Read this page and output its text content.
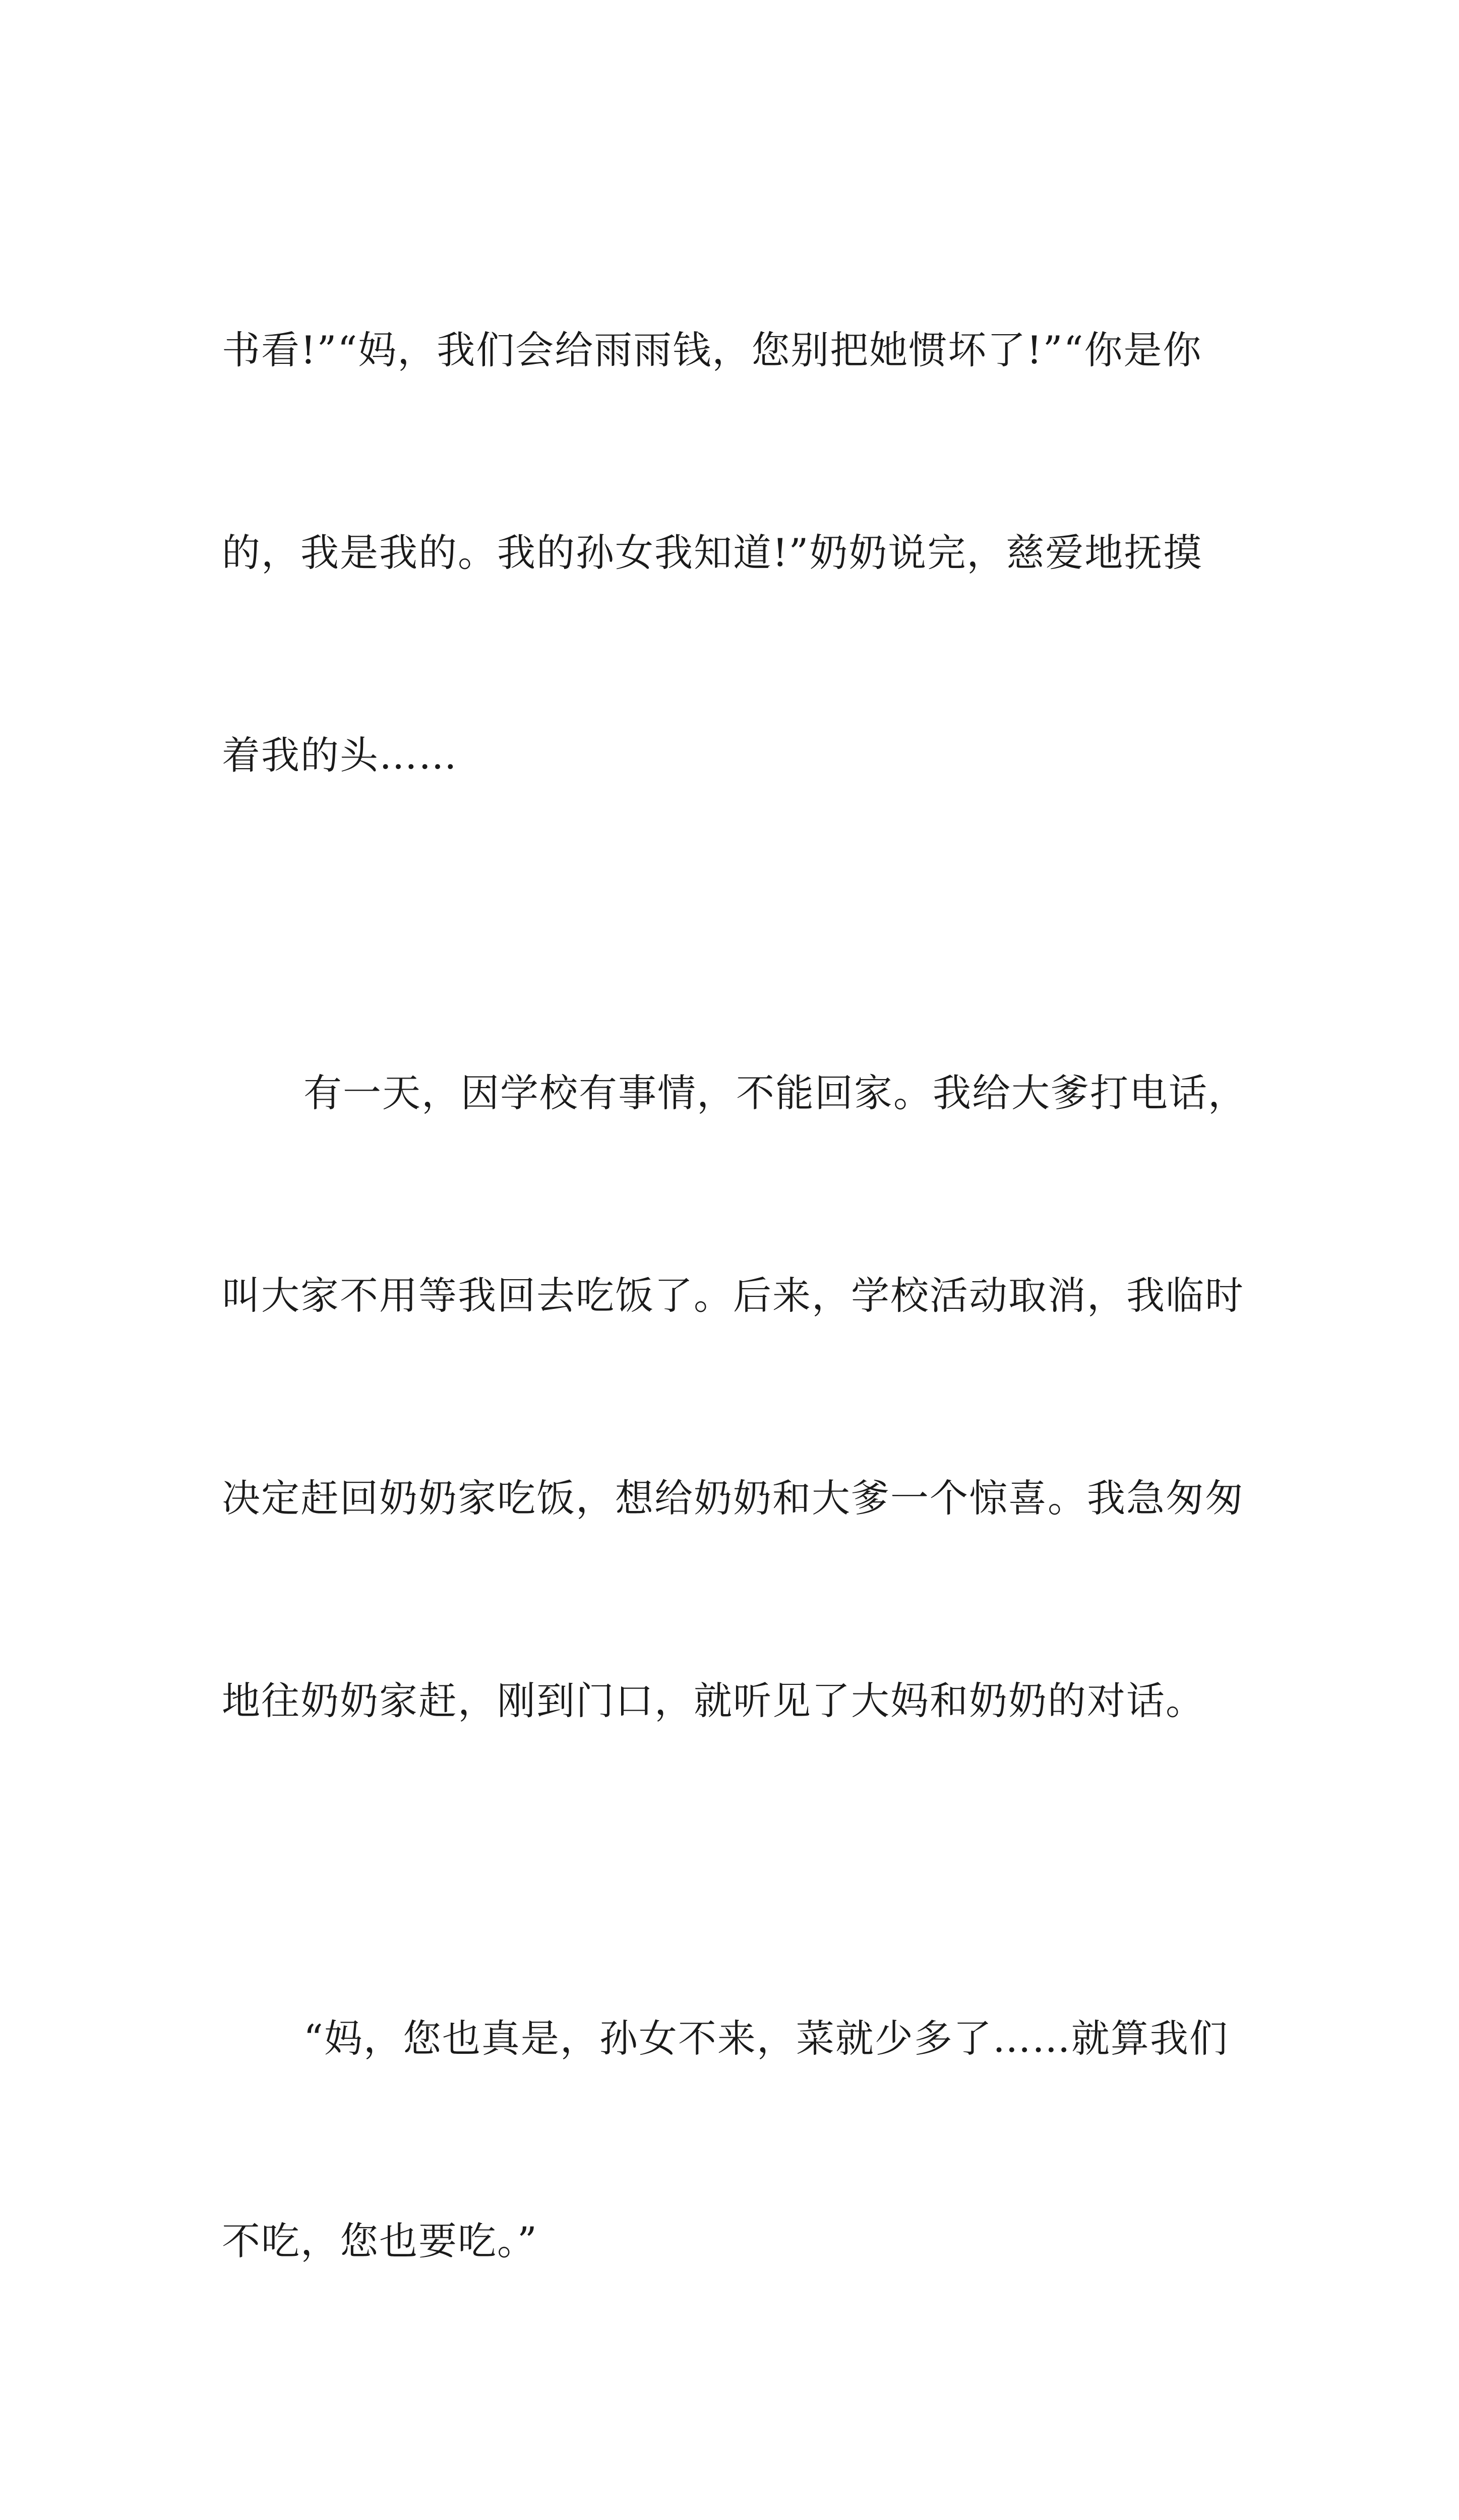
书看!”“妈，我们会给雨雨钱，您别把她惯坏了!”“你是你

的，我是我的。我的孙女我知道!”奶奶说完，慈爱地抚摸

着我的头……

有一天，因学校有事情，不能回家。我给大爹打电话，

叫大家不用等我回去吃饭了。后来，学校活动取消，我临时

决定赶回奶奶家吃饭，想给奶奶和大爹一个惊喜。我急匆匆

地往奶奶家赶，刚到门口，就听见了大妈和奶奶的对话。

“妈，您也真是，孙女不来，菜就少多了……就算我们

不吃，您也要吃。”
